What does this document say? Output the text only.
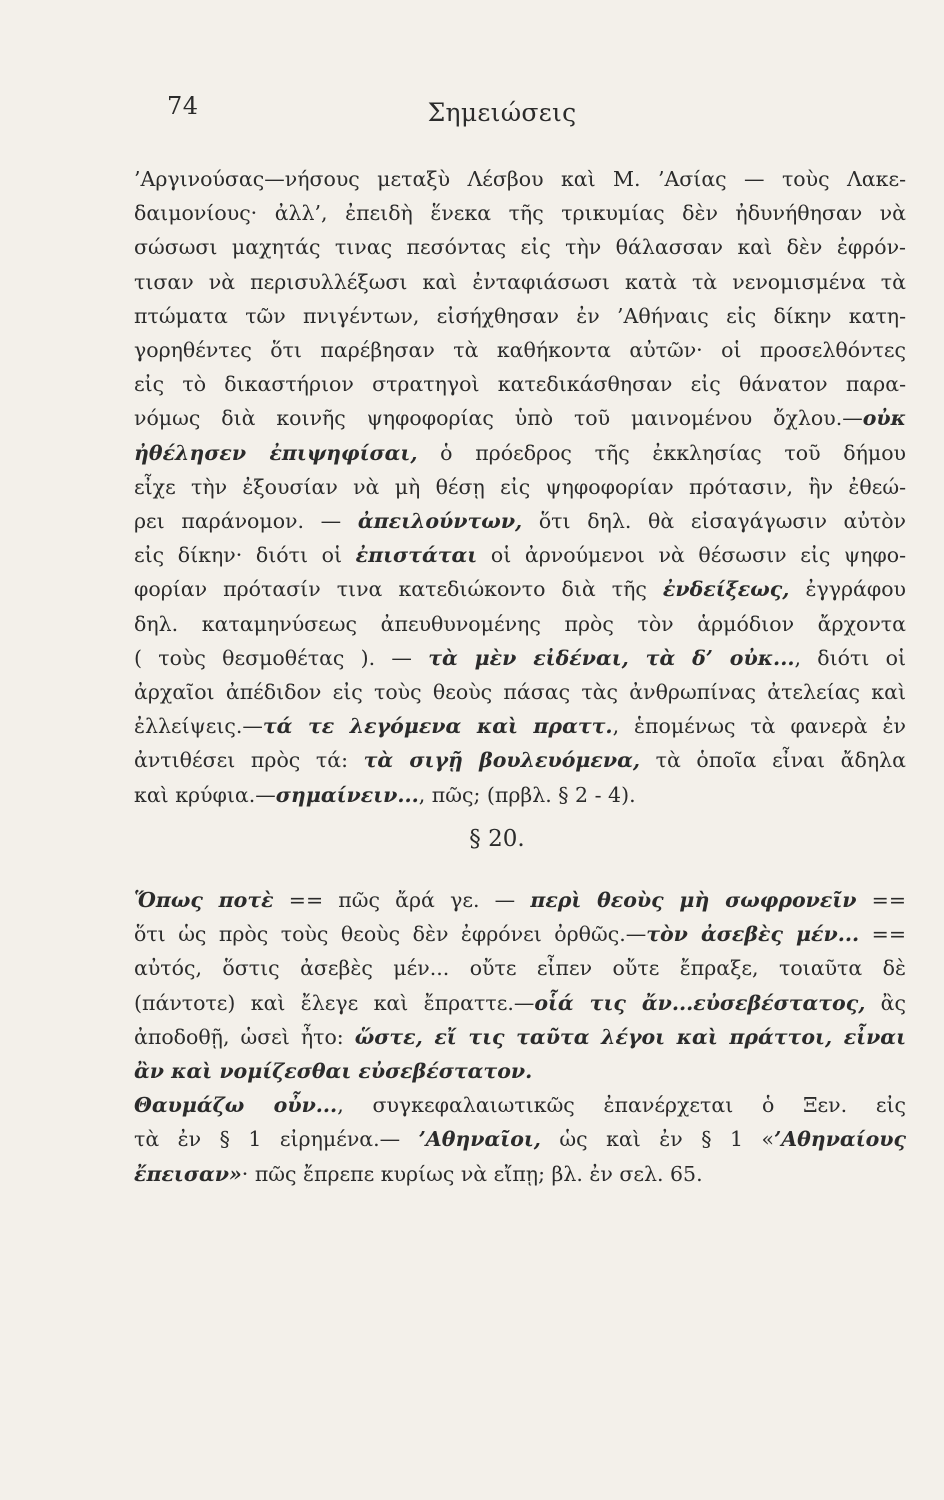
74	Σημειώσεις
’Αργινούσας—νήσους μεταξὺ Λέσβου καὶ Μ. ’Ασίας — τοὺς Λακε-
δαιμονίους· ἀλλ’, ἐπειδὴ ἕνεκα τῆς τρικυμίας δὲν ἠδυνήθησαν νὰ
σώσωσι μαχητάς τινας πεσόντας εἰς τὴν θάλασσαν καὶ δὲν ἐφρόν-
τισαν νὰ περισυλλέξωσι καὶ ἐνταφιάσωσι κατὰ τὰ νενομισμένα τὰ
πτώματα τῶν πνιγέντων, εἰσήχθησαν ἐν ’Αθήναις εἰς δίκην κατη-
γορηθέντες ὅτι παρέβησαν τὰ καθήκοντα αὐτῶν· οἱ προσελθόντες
εἰς τὸ δικαστήριον στρατηγοὶ κατεδικάσθησαν εἰς θάνατον παρα-
νόμως διὰ κοινῆς ψηφοφορίας ὑπὸ τοῦ μαινομένου ὄχλου.—οὐκ
ἠθέλησεν ἐπιψηφίσαι, ὁ πρόεδρος τῆς ἐκκλησίας τοῦ δήμου
εἶχε τὴν ἐξουσίαν νὰ μὴ θέσῃ εἰς ψηφοφορίαν πρότασιν, ἣν ἐθεώ-
ρει παράνομον. — ἀπειλούντων, ὅτι δηλ. θὰ εἰσαγάγωσιν αὐτὸν
εἰς δίκην· διότι οἱ ἐπιστάται οἱ ἀρνούμενοι νὰ θέσωσιν εἰς ψηφο-
φορίαν πρότασίν τινα κατεδιώκοντο διὰ τῆς ἐνδείξεως, ἐγγράφου
δηλ. καταμηνύσεως ἀπευθυνομένης πρὸς τὸν ἁρμόδιον ἄρχοντα
( τοὺς θεσμοθέτας ). — τὰ μὲν εἰδέναι, τὰ δ’ οὐκ..., διότι οἱ
ἀρχαῖοι ἀπέδιδον εἰς τοὺς θεοὺς πάσας τὰς ἀνθρωπίνας ἀτελείας καὶ
ἐλλείψεις.—τά τε λεγόμενα καὶ πραττ., ἑπομένως τὰ φανερὰ ἐν
ἀντιθέσει πρὸς τά: τὰ σιγῇ βουλευόμενα, τὰ ὁποῖα εἶναι ἄδηλα
καὶ κρύφια.—σημαίνειν..., πῶς; (πρβλ. § 2 - 4).
§ 20.
Ὅπως ποτὲ == πῶς ἄρά γε. — περὶ θεοὺς μὴ σωφρονεῖν ==
ὅτι ὡς πρὸς τοὺς θεοὺς δὲν ἐφρόνει ὀρθῶς.—τὸν ἀσεβὲς μέν... ==
αὐτός, ὅστις ἀσεβὲς μέν... οὔτε εἶπεν οὔτε ἔπραξε, τοιαῦτα δὲ
(πάντοτε) καὶ ἔλεγε καὶ ἔπραττε.—οἷά τις ἄν...εὐσεβέστατος, ἂς
ἀποδοθῇ, ὡσεὶ ἦτο: ὥστε, εἴ τις ταῦτα λέγοι καὶ πράττοι, εἶναι
ἂν καὶ νομίζεσθαι εὐσεβέστατον.
Θαυμάζω οὖν..., συγκεφαλαιωτικῶς ἐπανέρχεται ὁ Ξεν. εἰς
τὰ ἐν § 1 εἰρημένα.— ’Αθηναῖοι, ὡς καὶ ἐν § 1 «’Αθηναίους
ἔπεισαν»· πῶς ἔπρεπε κυρίως νὰ εἴπῃ; βλ. ἐν σελ. 65.
